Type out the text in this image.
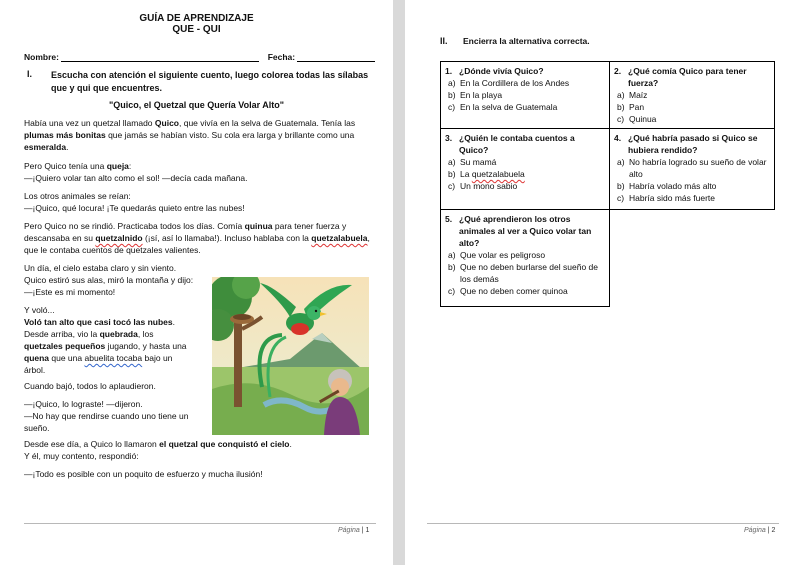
GUÍA DE APRENDIZAJE
QUE - QUI
Nombre:	Fecha:
I. Escucha con atención el siguiente cuento, luego colorea todas las sílabas que y qui que encuentres.
"Quico, el Quetzal que Quería Volar Alto"

Había una vez un quetzal llamado Quico, que vivía en la selva de Guatemala. Tenía las plumas más bonitas que jamás se habían visto. Su cola era larga y brillante como una esmeralda.

Pero Quico tenía una queja:

—¡Quiero volar tan alto como el sol! —decía cada mañana.

Los otros animales se reían:

—¡Quico, qué locura! ¡Te quedarás quieto entre las nubes!

Pero Quico no se rindió. Practicaba todos los días. Comía quinua para tener fuerza y descansaba en su quetzalnido (¡sí, así lo llamaba!). Incluso hablaba con la quetzalabuela, que le contaba cuentos de quetzales valientes.

Un día, el cielo estaba claro y sin viento.

Quico estiró sus alas, miró la montaña y dijo:

—¡Este es mi momento!

Y voló...

Voló tan alto que casi tocó las nubes.

Desde arriba, vio la quebrada, los quetzales pequeños jugando, y hasta una quena que una abuelita tocaba bajo un árbol.

Cuando bajó, todos lo aplaudieron.

—¡Quico, lo lograste! —dijeron.

—No hay que rendirse cuando uno tiene un sueño.

Desde ese día, a Quico lo llamaron el quetzal que conquistó el cielo.

Y él, muy contento, respondió:

—¡Todo es posible con un poquito de esfuerzo y mucha ilusión!

Página | 1
II. Encierra la alternativa correcta.
1. ¿Dónde vivía Quico?
a) En la Cordillera de los Andes
b) En la playa
c) En la selva de Guatemala
2. ¿Qué comía Quico para tener fuerza?
a) Maíz
b) Pan
c) Quinua
3. ¿Quién le contaba cuentos a Quico?
a) Su mamá
b) La quetzalabuela
c) Un mono sabio
4. ¿Qué habría pasado si Quico se hubiera rendido?
a) No habría logrado su sueño de volar alto
b) Habría volado más alto
c) Habría sido más fuerte
5. ¿Qué aprendieron los otros animales al ver a Quico volar tan alto?
a) Que volar es peligroso
b) Que no deben burlarse del sueño de los demás
c) Que no deben comer quinoa
Página | 2
